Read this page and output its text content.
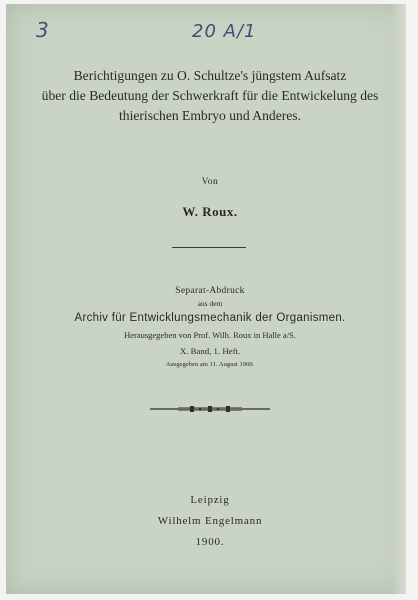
3	20 A/1
Berichtigungen zu O. Schultze's jüngstem Aufsatz
über die Bedeutung der Schwerkraft für die Entwickelung des
thierischen Embryo und Anderes.
Von
W. Roux.
Separat-Abdruck
aus dem
Archiv für Entwicklungsmechanik der Organismen.
Herausgegeben von Prof. Wilh. Roux in Halle a/S.
X. Band, 1. Heft.
Ausgegeben am 11. August 1900.
Leipzig
Wilhelm Engelmann
1900.
